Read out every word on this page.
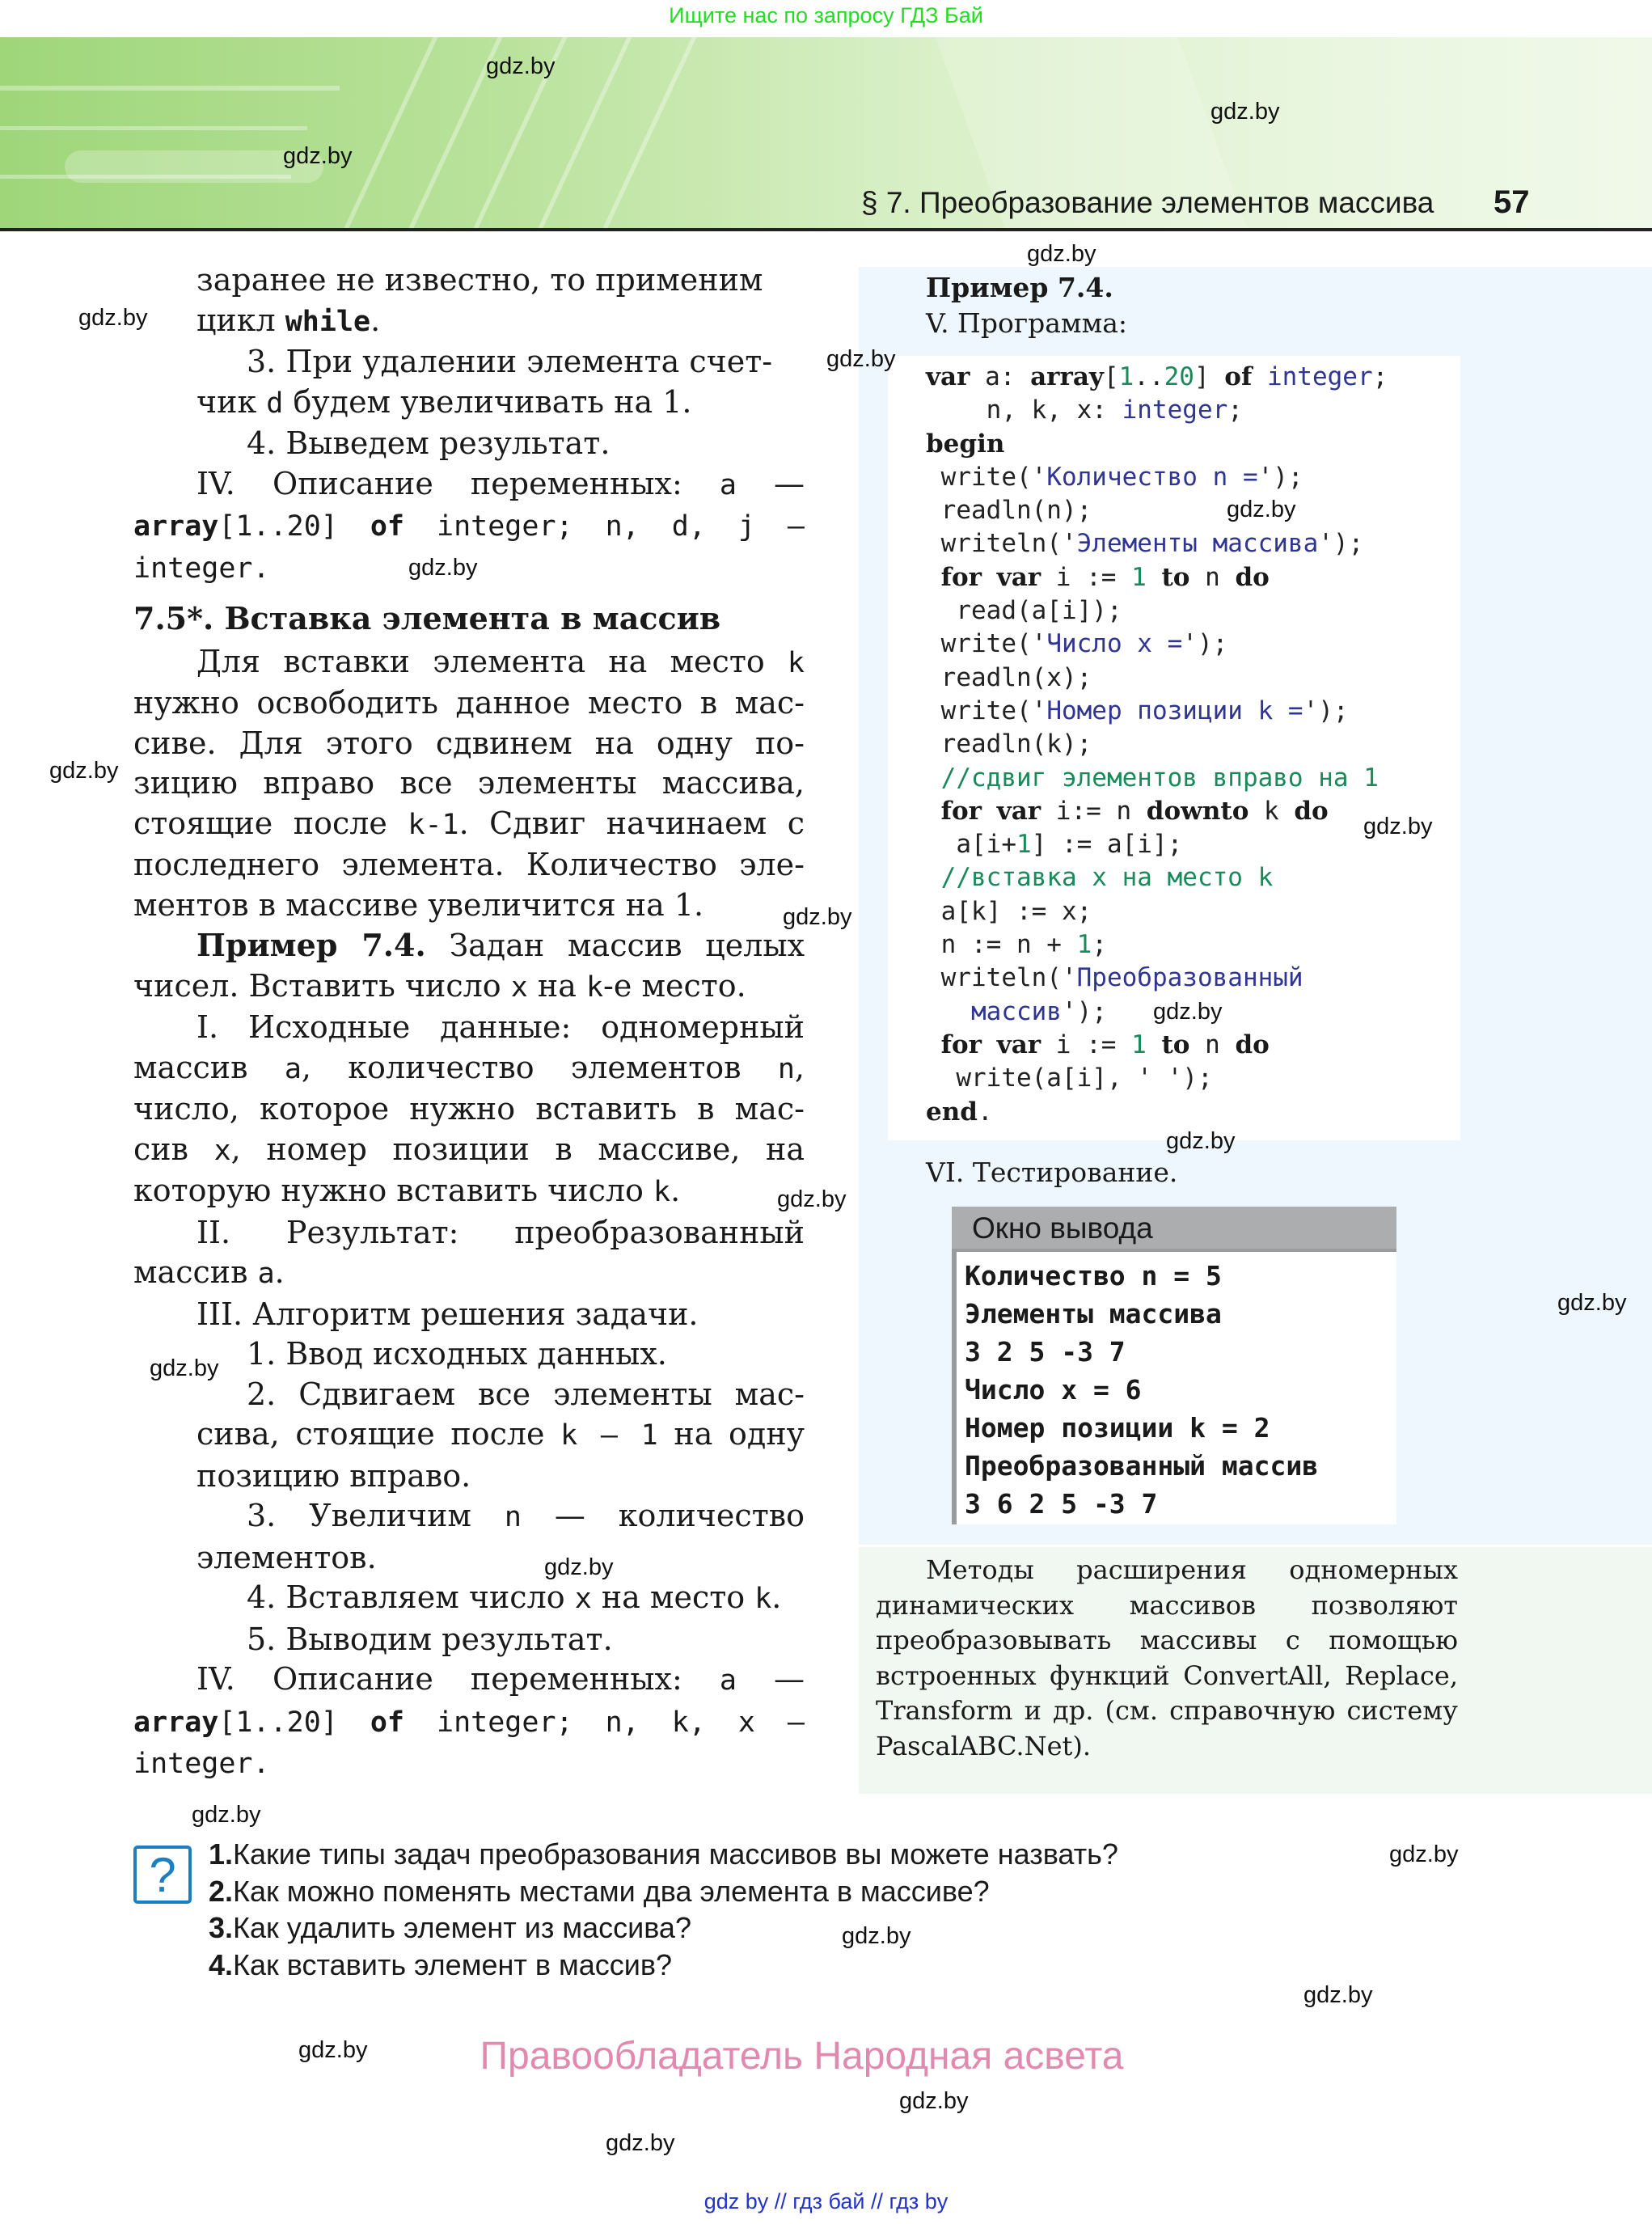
Ищите нас по запросу ГДЗ Бай
§ 7. Преобразование элементов массива 57

заранее не известно, то применим

цикл while.

3. При удалении элемента счет-

чик d будем увеличивать на 1.

4. Выведем результат.

IV. Описание переменных: a —

array[1..20] of integer; n, d, j —

integer.

7.5*. Вставка элемента в массив

Для вставки элемента на место k

нужно освободить данное место в мас-

сиве. Для этого сдвинем на одну по-

зицию вправо все элементы массива,

стоящие после k-1. Сдвиг начинаем с

последнего элемента. Количество эле-

ментов в массиве увеличится на 1.

Пример 7.4. Задан массив целых

чисел. Вставить число x на k-е место.

I. Исходные данные: одномерный

массив a, количество элементов n,

число, которое нужно вставить в мас-

сив x, номер позиции в массиве, на

которую нужно вставить число k.

II. Результат: преобразованный

массив a.

III. Алгоритм решения задачи.

1. Ввод исходных данных.

2. Сдвигаем все элементы мас-

сива, стоящие после k – 1 на одну

позицию вправо.

3. Увеличим n — количество

элементов.

4. Вставляем число x на место k.

5. Выводим результат.

IV. Описание переменных: a —

array[1..20] of integer; n, k, x —

integer.

Пример 7.4.
V. Программа:
var a: array[1..20] of integer;
n, k, x: integer;
begin
write('Количество n =');
readln(n);
writeln('Элементы массива');
for var i := 1 to n do
read(a[i]);
write('Число x =');
readln(x);
write('Номер позиции k =');
readln(k);
//сдвиг элементов вправо на 1
for var i:= n downto k do
a[i+1] := a[i];
//вставка x на место k
a[k] := x;
n := n + 1;
writeln('Преобразованный
массив');
for var i := 1 to n do
write(a[i], ' ');
end.
VI. Тестирование.
Окно вывода
Количество n = 5
Элементы массива
3 2 5 -3 7
Число x = 6
Номер позиции k = 2
Преобразованный массив
3 6 2 5 -3 7

Методы расширения одномерных динамических массивов позволяют преобразовывать массивы с помощью встроенных функций ConvertAll, Replace, Transform и др. (см. справочную систему PascalABC.Net).

?	1.Какие типы задач преобразования массивов вы можете назвать?
2.Как можно поменять местами два элемента в массиве?
3.Как удалить элемент из массива?
4.Как вставить элемент в массив?
Правообладатель Народная асвета
gdz by // гдз бай // гдз by
gdz.by
gdz.by
gdz.by
gdz.by
gdz.by
gdz.by
gdz.by
gdz.by
gdz.by
gdz.by
gdz.by
gdz.by
gdz.by
gdz.by
gdz.by
gdz.by
gdz.by
gdz.by
gdz.by
gdz.by
gdz.by
gdz.by
gdz.by
gdz.by
